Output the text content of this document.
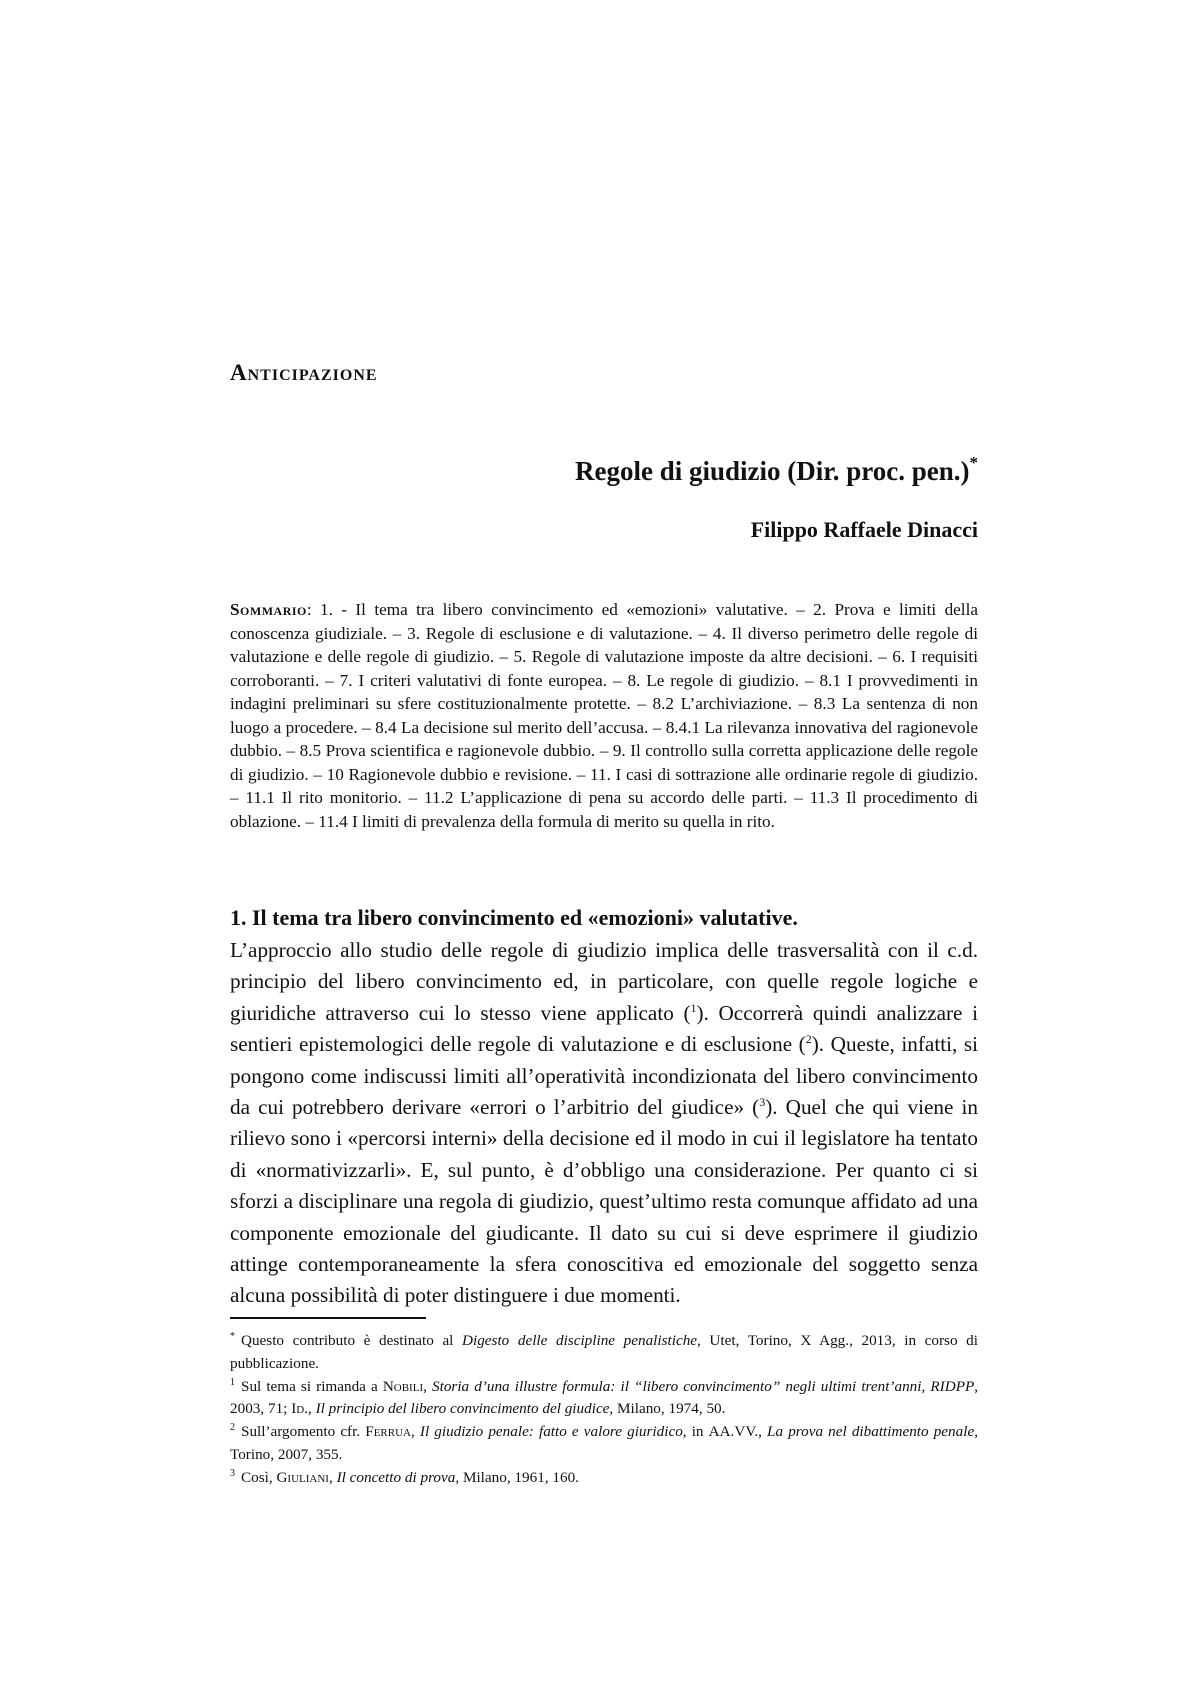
Anticipazione
Regole di giudizio (Dir. proc. pen.)*
Filippo Raffaele Dinacci

Sommario: 1. - Il tema tra libero convincimento ed «emozioni» valutative. – 2. Prova e limiti della conoscenza giudiziale. – 3. Regole di esclusione e di valutazione. – 4. Il diverso perimetro delle regole di valutazione e delle regole di giudizio. – 5. Regole di valutazione imposte da altre decisioni. – 6. I requisiti corroboranti. – 7. I criteri valutativi di fonte europea. – 8. Le regole di giudizio. – 8.1 I provvedimenti in indagini preliminari su sfere costituzionalmente protette. – 8.2 L’archiviazione. – 8.3 La sentenza di non luogo a procedere. – 8.4 La decisione sul merito dell’accusa. – 8.4.1 La rilevanza innovativa del ragionevole dubbio. – 8.5 Prova scientifica e ragionevole dubbio. – 9. Il controllo sulla corretta applicazione delle regole di giudizio. – 10 Ragionevole dubbio e revisione. – 11. I casi di sottrazione alle ordinarie regole di giudizio. – 11.1 Il rito monitorio. – 11.2 L’applicazione di pena su accordo delle parti. – 11.3 Il procedimento di oblazione. – 11.4 I limiti di prevalenza della formula di merito su quella in rito.

1. Il tema tra libero convincimento ed «emozioni» valutative.

L’approccio allo studio delle regole di giudizio implica delle trasversalità con il c.d. principio del libero convincimento ed, in particolare, con quelle regole logiche e giuridiche attraverso cui lo stesso viene applicato ($^1$). Occorrerà quindi analizzare i sentieri epistemologici delle regole di valutazione e di esclusione ($^2$). Queste, infatti, si pongono come indiscussi limiti all’operatività incondizionata del libero convincimento da cui potrebbero derivare «errori o l’arbitrio del giudice» ($^3$). Quel che qui viene in rilievo sono i «percorsi interni» della decisione ed il modo in cui il legislatore ha tentato di «normativizzarli». E, sul punto, è d’obbligo una considerazione. Per quanto ci si sforzi a disciplinare una regola di giudizio, quest’ultimo resta comunque affidato ad una componente emozionale del giudicante. Il dato su cui si deve esprimere il giudizio attinge contemporaneamente la sfera conoscitiva ed emozionale del soggetto senza alcuna possibilità di poter distinguere i due momenti.

* Questo contributo è destinato al Digesto delle discipline penalistiche, Utet, Torino, X Agg., 2013, in corso di pubblicazione.

$^1$ Sul tema si rimanda a Nobili, Storia d’una illustre formula: il “libero convincimento” negli ultimi trent’anni, RIDPP, 2003, 71; Id., Il principio del libero convincimento del giudice, Milano, 1974, 50.

$^2$ Sull’argomento cfr. Ferrua, Il giudizio penale: fatto e valore giuridico, in AA.VV., La prova nel dibattimento penale, Torino, 2007, 355.

$^3$ Così, Giuliani, Il concetto di prova, Milano, 1961, 160.
